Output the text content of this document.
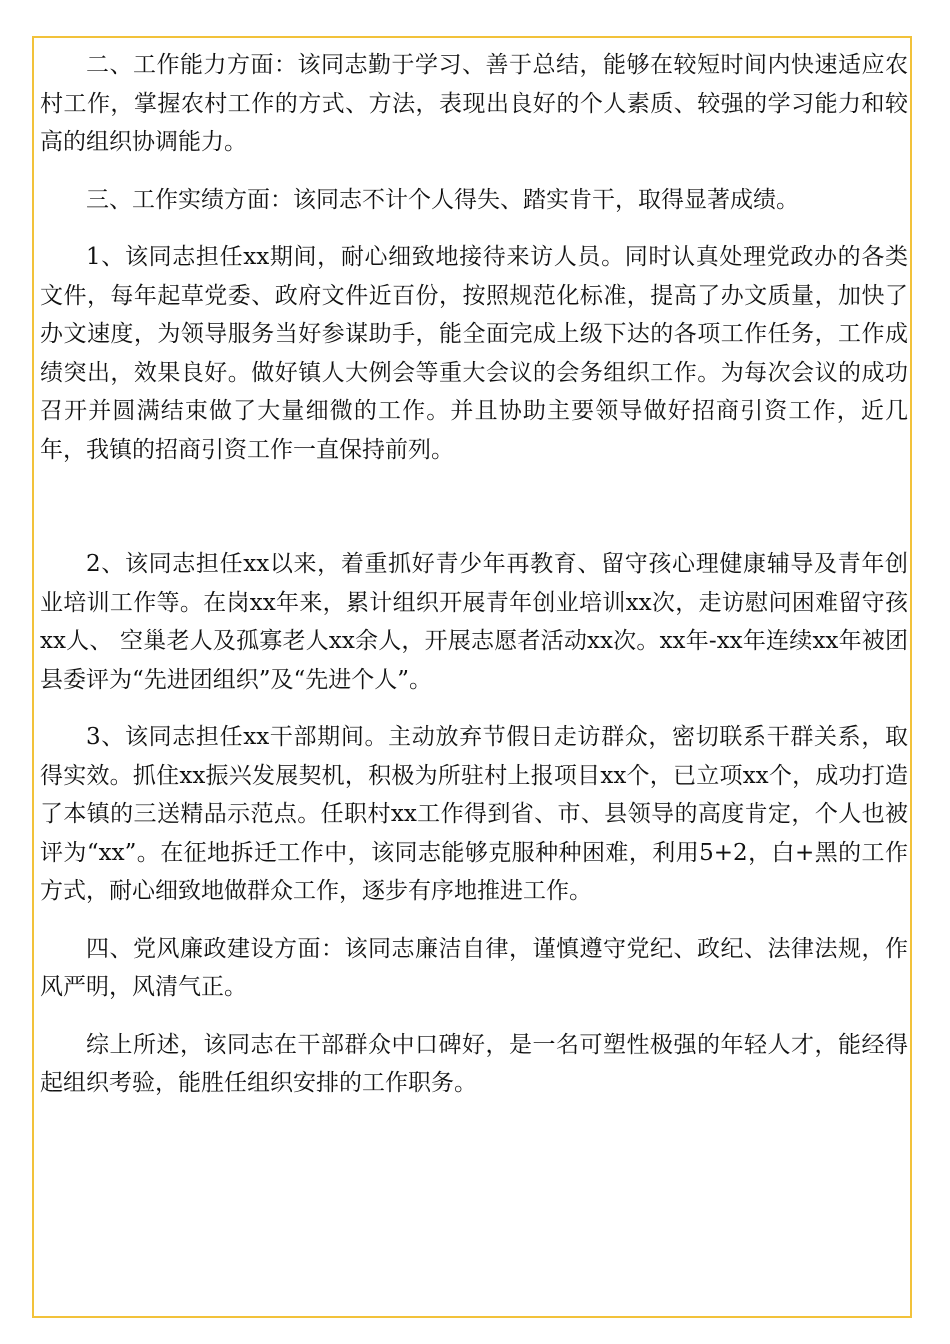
二、工作能力方面：该同志勤于学习、善于总结，能够在较短时间内快速适应农村工作，掌握农村工作的方式、方法，表现出良好的个人素质、较强的学习能力和较高的组织协调能力。

三、工作实绩方面：该同志不计个人得失、踏实肯干，取得显著成绩。

1、该同志担任xx期间，耐心细致地接待来访人员。同时认真处理党政办的各类文件，每年起草党委、政府文件近百份，按照规范化标准，提高了办文质量，加快了办文速度，为领导服务当好参谋助手，能全面完成上级下达的各项工作任务，工作成绩突出，效果良好。做好镇人大例会等重大会议的会务组织工作。为每次会议的成功召开并圆满结束做了大量细微的工作。并且协助主要领导做好招商引资工作，近几年，我镇的招商引资工作一直保持前列。

2、该同志担任xx以来，着重抓好青少年再教育、留守孩心理健康辅导及青年创业培训工作等。在岗xx年来，累计组织开展青年创业培训xx次，走访慰问困难留守孩xx人、 空巢老人及孤寡老人xx余人，开展志愿者活动xx次。xx年-xx年连续xx年被团县委评为“先进团组织”及“先进个人”。

3、该同志担任xx干部期间。主动放弃节假日走访群众，密切联系干群关系，取得实效。抓住xx振兴发展契机，积极为所驻村上报项目xx个，已立项xx个，成功打造了本镇的三送精品示范点。任职村xx工作得到省、市、县领导的高度肯定，个人也被评为“xx”。在征地拆迁工作中，该同志能够克服种种困难，利用5+2，白+黑的工作方式，耐心细致地做群众工作，逐步有序地推进工作。

四、党风廉政建设方面：该同志廉洁自律，谨慎遵守党纪、政纪、法律法规，作风严明，风清气正。

综上所述，该同志在干部群众中口碑好，是一名可塑性极强的年轻人才，能经得起组织考验，能胜任组织安排的工作职务。
